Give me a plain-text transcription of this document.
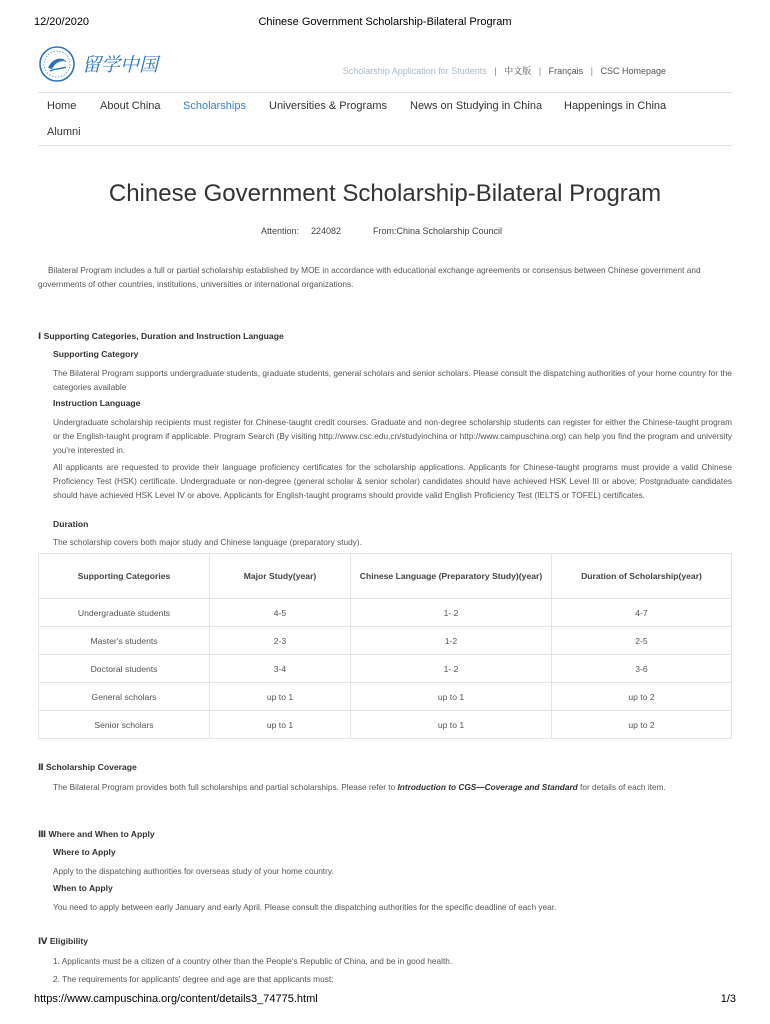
12/20/2020	Chinese Government Scholarship-Bilateral Program
留学中国	Scholarship Application for Students | 中文版 | Français | CSC Homepage
Home About China Scholarships Universities & Programs News on Studying in China Happenings in China
Alumni
Chinese Government Scholarship-Bilateral Program
Attention: 224082	From:China Scholarship Council
Bilateral Program includes a full or partial scholarship established by MOE in accordance with educational exchange agreements or consensus between Chinese government and governments of other countries, institutions, universities or international organizations.
Ⅰ Supporting Categories, Duration and Instruction Language
Supporting Category
The Bilateral Program supports undergraduate students, graduate students, general scholars and senior scholars. Please consult the dispatching authorities of your home country for the categories available
Instruction Language
Undergraduate scholarship recipients must register for Chinese-taught credit courses. Graduate and non-degree scholarship students can register for either the Chinese-taught program or the English-taught program if applicable. Program Search (By visiting http://www.csc.edu.cn/studyinchina or http://www.campuschina.org) can help you find the program and university you're interested in.
All applicants are requested to provide their language proficiency certificates for the scholarship applications. Applicants for Chinese-taught programs must provide a valid Chinese Proficiency Test (HSK) certificate. Undergraduate or non-degree (general scholar & senior scholar) candidates should have achieved HSK Level III or above; Postgraduate candidates should have achieved HSK Level IV or above. Applicants for English-taught programs should provide valid English Proficiency Test (IELTS or TOFEL) certificates.
Duration
The scholarship covers both major study and Chinese language (preparatory study).
Supporting Categories	Major Study(year)	Chinese Language (Preparatory Study)(year)	Duration of Scholarship(year)
Undergraduate students	4-5	1- 2	4-7
Master's students	2-3	1-2	2-5
Doctoral students	3-4	1- 2	3-6
General scholars	up to 1	up to 1	up to 2
Senior scholars	up to 1	up to 1	up to 2
Ⅱ Scholarship Coverage
The Bilateral Program provides both full scholarships and partial scholarships. Please refer to Introduction to CGS—Coverage and Standard for details of each item.
Ⅲ Where and When to Apply
Where to Apply
Apply to the dispatching authorities for overseas study of your home country.
When to Apply
You need to apply between early January and early April. Please consult the dispatching authorities for the specific deadline of each year.
Ⅳ Eligibility
1. Applicants must be a citizen of a country other than the People's Republic of China, and be in good health.
2. The requirements for applicants' degree and age are that applicants must:
https://www.campuschina.org/content/details3_74775.html	1/3
